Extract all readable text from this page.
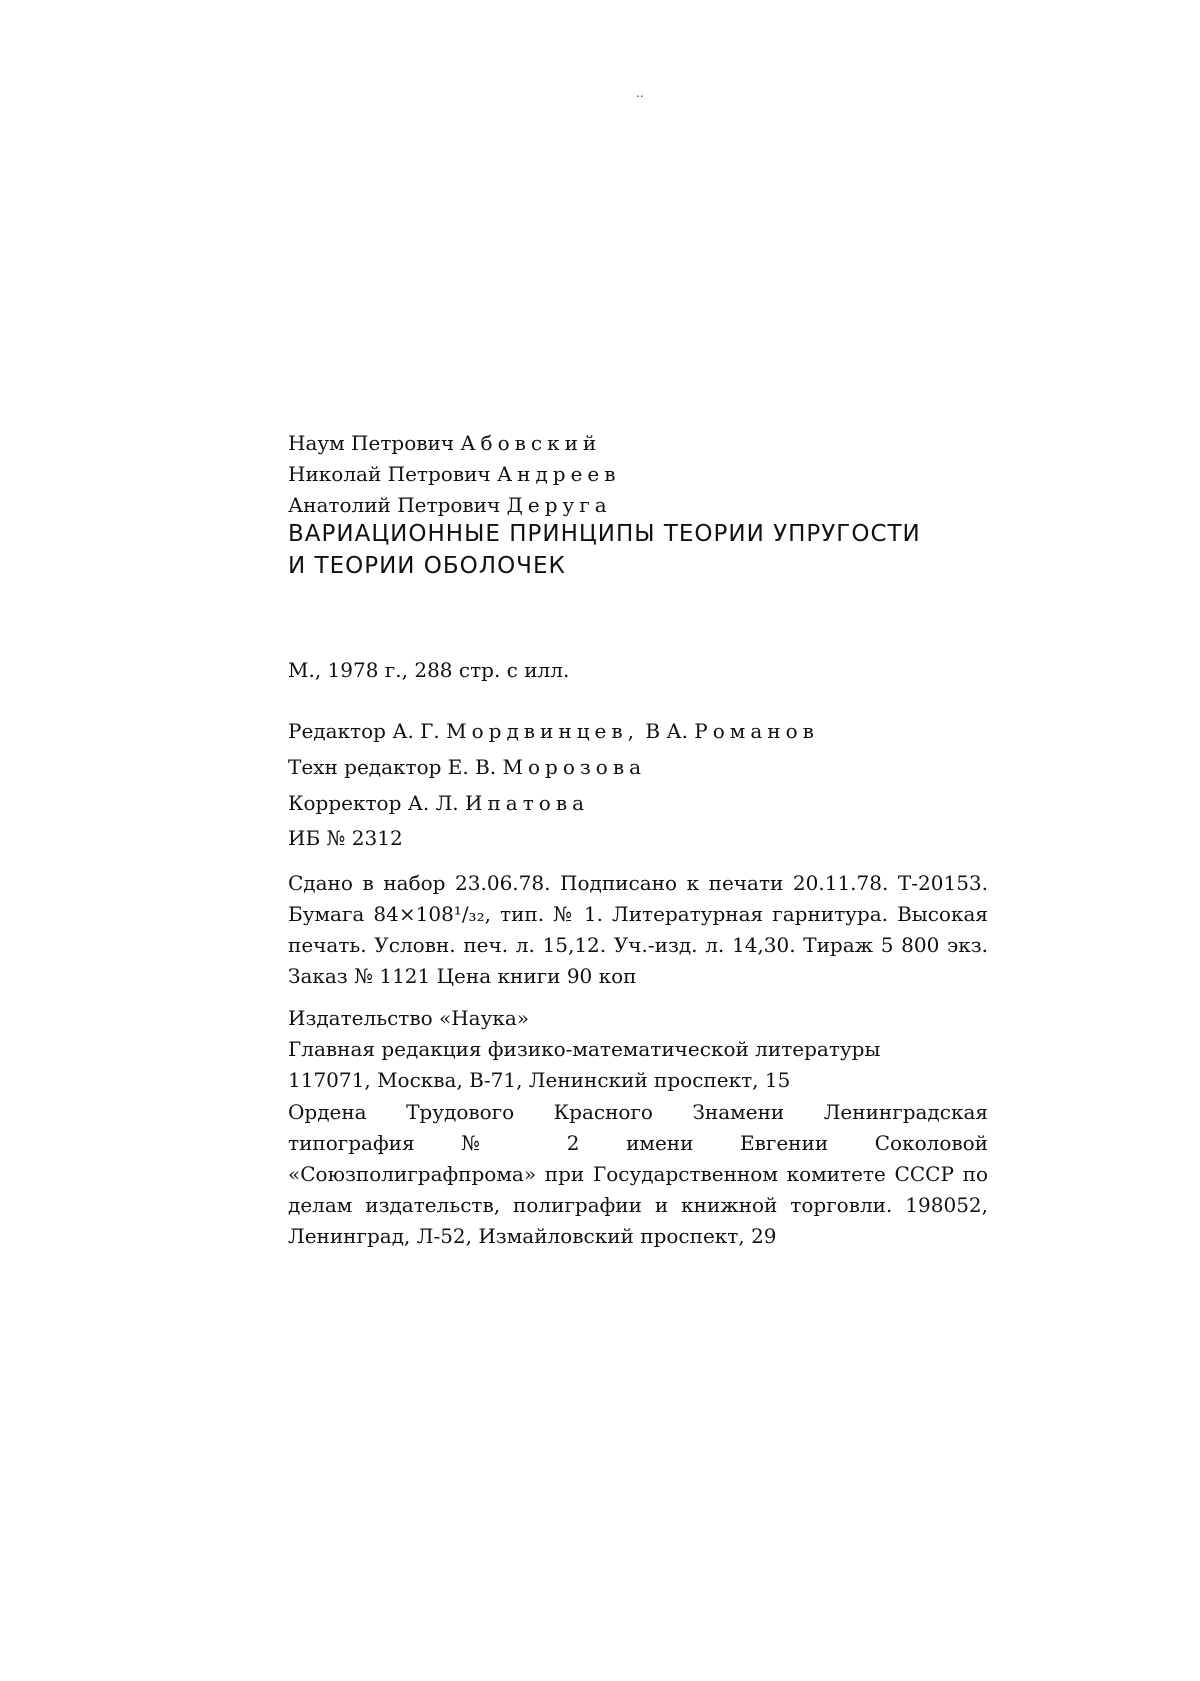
..
Наум Петрович Абовский
Николай Петрович Андреев
Анатолий Петрович Деруга
ВАРИАЦИОННЫЕ ПРИНЦИПЫ ТЕОРИИ УПРУГОСТИ
И ТЕОРИИ ОБОЛОЧЕК
М., 1978 г., 288 стр. с илл.
Редактор А. Г. Мордвинцев, В А. Романов
Техн редактор Е. В. Морозова
Корректор А. Л. Ипатова
ИБ № 2312
Сдано в набор 23.06.78. Подписано к печати 20.11.78. Т-20153. Бумага 84×108¹/₃₂, тип. № 1. Литературная гарнитура. Высокая печать. Условн. печ. л. 15,12. Уч.-изд. л. 14,30. Тираж 5 800 экз. Заказ № 1121 Цена книги 90 коп
Издательство «Наука»
Главная редакция физико-математической литературы
117071, Москва, В-71, Ленинский проспект, 15
Ордена Трудового Красного Знамени Ленинградская типография № 2 имени Евгении Соколовой «Союзполиграфпрома» при Государственном комитете СССР по делам издательств, полиграфии и книжной торговли. 198052, Ленинград, Л-52, Измайловский проспект, 29
